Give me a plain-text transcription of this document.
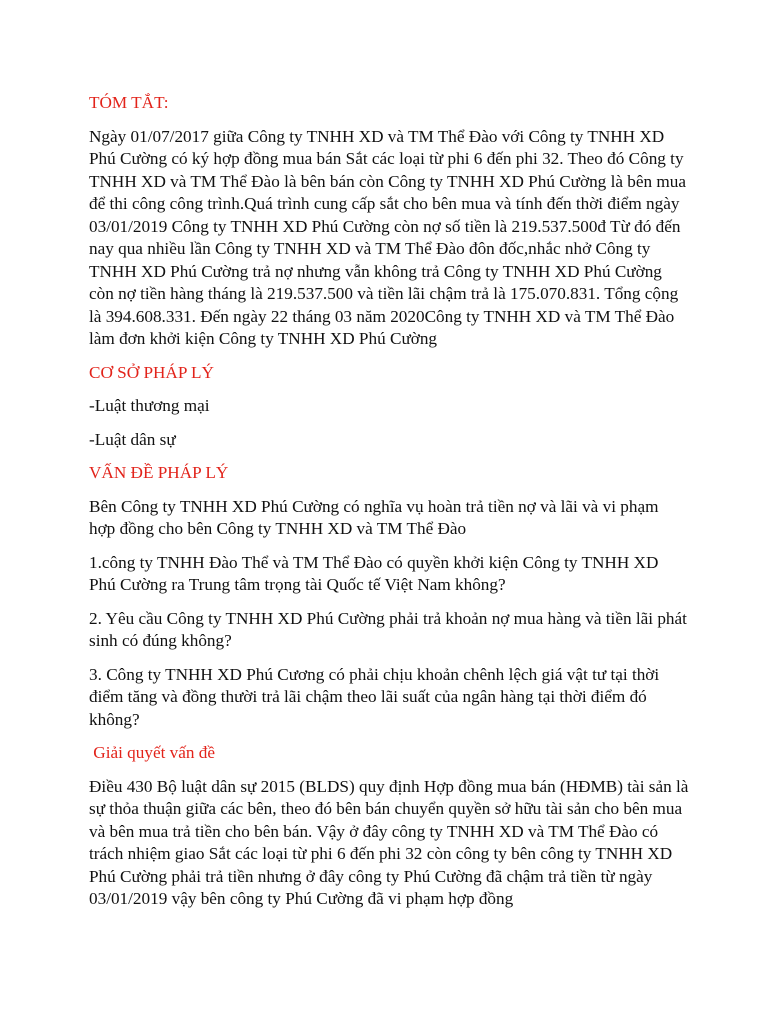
TÓM TẮT:
Ngày 01/07/2017 giữa Công ty TNHH XD và TM Thể Đào với Công ty TNHH XD Phú Cường có ký hợp đồng mua bán Sắt các loại từ phi 6 đến phi 32. Theo đó Công ty TNHH XD và TM Thể Đào là bên bán còn Công ty TNHH XD Phú Cường là bên mua để thi công công trình.Quá trình cung cấp sắt cho bên mua và tính đến thời điểm ngày 03/01/2019 Công ty TNHH XD Phú Cường còn nợ số tiền là 219.537.500đ Từ đó đến nay qua nhiều lần Công ty TNHH XD và TM Thể Đào đôn đốc,nhắc nhở Công ty TNHH XD Phú Cường trả nợ nhưng vẫn không trả Công ty TNHH XD Phú Cường còn nợ tiền hàng tháng là 219.537.500 và tiền lãi chậm trả là 175.070.831. Tổng cộng là 394.608.331. Đến ngày 22 tháng 03 năm 2020Công ty TNHH XD và TM Thể Đào làm đơn khởi kiện Công ty TNHH XD Phú Cường
CƠ SỞ PHÁP LÝ
-Luật thương mại
-Luật dân sự
VẤN ĐỀ PHÁP LÝ
Bên Công ty TNHH XD Phú Cường có nghĩa vụ hoàn trả tiền nợ và lãi và vi phạm hợp đồng cho bên Công ty TNHH XD và TM Thể Đào
1.công ty TNHH Đào Thể và TM Thể Đào có quyền khởi kiện Công ty TNHH XD Phú Cường ra Trung tâm trọng tài Quốc tế Việt Nam không?
2. Yêu cầu Công ty TNHH XD Phú Cường phải trả khoản nợ mua hàng và tiền lãi phát sinh có đúng không?
3. Công ty TNHH XD Phú Cương có phải chịu khoản chênh lệch giá vật tư tại thời điểm tăng và đồng thười trả lãi chậm theo lãi suất của ngân hàng tại thời điểm đó không?
Giải quyết vấn đề
Điều 430 Bộ luật dân sự 2015 (BLDS) quy định Hợp đồng mua bán (HĐMB) tài sản là sự thỏa thuận giữa các bên, theo đó bên bán chuyển quyền sở hữu tài sản cho bên mua và bên mua trả tiền cho bên bán. Vậy ở đây công ty TNHH XD và TM Thể Đào có trách nhiệm giao Sắt các loại từ phi 6 đến phi 32 còn công ty bên công ty TNHH XD Phú Cường phải trả tiền nhưng ở đây công ty Phú Cường đã chậm trả tiền từ ngày 03/01/2019 vậy bên công ty Phú Cường đã vi phạm hợp đồng
